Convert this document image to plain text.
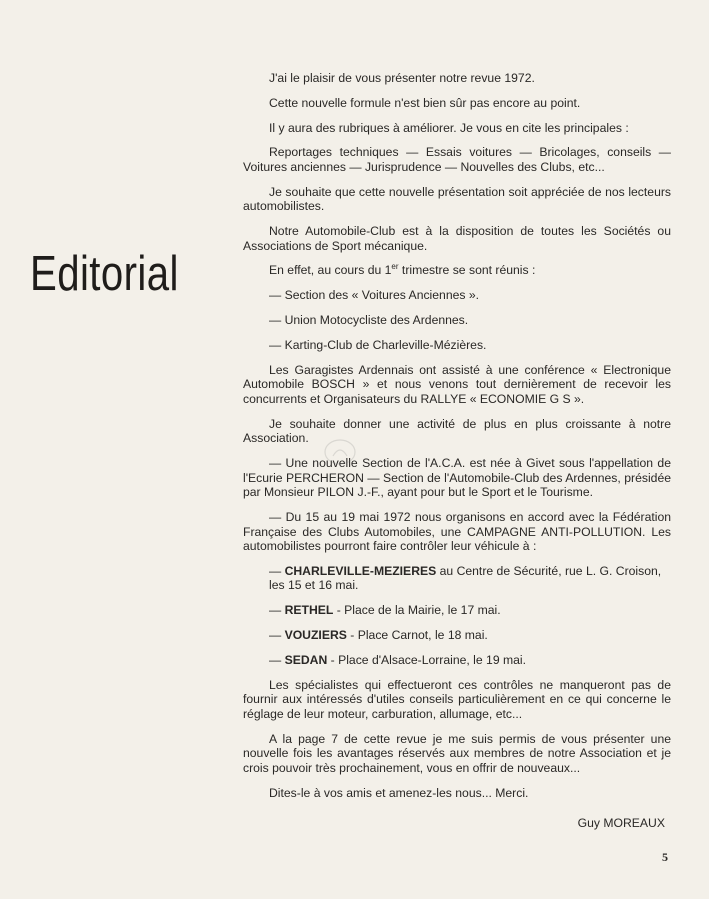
Editorial

J'ai le plaisir de vous présenter notre revue 1972.

Cette nouvelle formule n'est bien sûr pas encore au point.

Il y aura des rubriques à améliorer. Je vous en cite les principales :

Reportages techniques — Essais voitures — Bricolages, conseils — Voitures anciennes — Jurisprudence — Nouvelles des Clubs, etc...

Je souhaite que cette nouvelle présentation soit appréciée de nos lecteurs automobilistes.

Notre Automobile-Club est à la disposition de toutes les Sociétés ou Associations de Sport mécanique.

En effet, au cours du 1er trimestre se sont réunis :

— Section des « Voitures Anciennes ».

— Union Motocycliste des Ardennes.

— Karting-Club de Charleville-Mézières.

Les Garagistes Ardennais ont assisté à une conférence « Electronique Automobile BOSCH » et nous venons tout dernièrement de recevoir les concurrents et Organisateurs du RALLYE « ECONOMIE G S ».

Je souhaite donner une activité de plus en plus croissante à notre Association.

— Une nouvelle Section de l'A.C.A. est née à Givet sous l'appellation de l'Ecurie PERCHERON — Section de l'Automobile-Club des Ardennes, présidée par Monsieur PILON J.-F., ayant pour but le Sport et le Tourisme.

— Du 15 au 19 mai 1972 nous organisons en accord avec la Fédération Française des Clubs Automobiles, une CAMPAGNE ANTI-POLLUTION. Les automobilistes pourront faire contrôler leur véhicule à :

— CHARLEVILLE-MEZIERES au Centre de Sécurité, rue L. G. Croison,
les 15 et 16 mai.

— RETHEL - Place de la Mairie, le 17 mai.

— VOUZIERS - Place Carnot, le 18 mai.

— SEDAN - Place d'Alsace-Lorraine, le 19 mai.

Les spécialistes qui effectueront ces contrôles ne manqueront pas de fournir aux intéressés d'utiles conseils particulièrement en ce qui concerne le réglage de leur moteur, carburation, allumage, etc...

A la page 7 de cette revue je me suis permis de vous présenter une nouvelle fois les avantages réservés aux membres de notre Association et je crois pouvoir très prochainement, vous en offrir de nouveaux...

Dites-le à vos amis et amenez-les nous... Merci.

Guy MOREAUX

5
